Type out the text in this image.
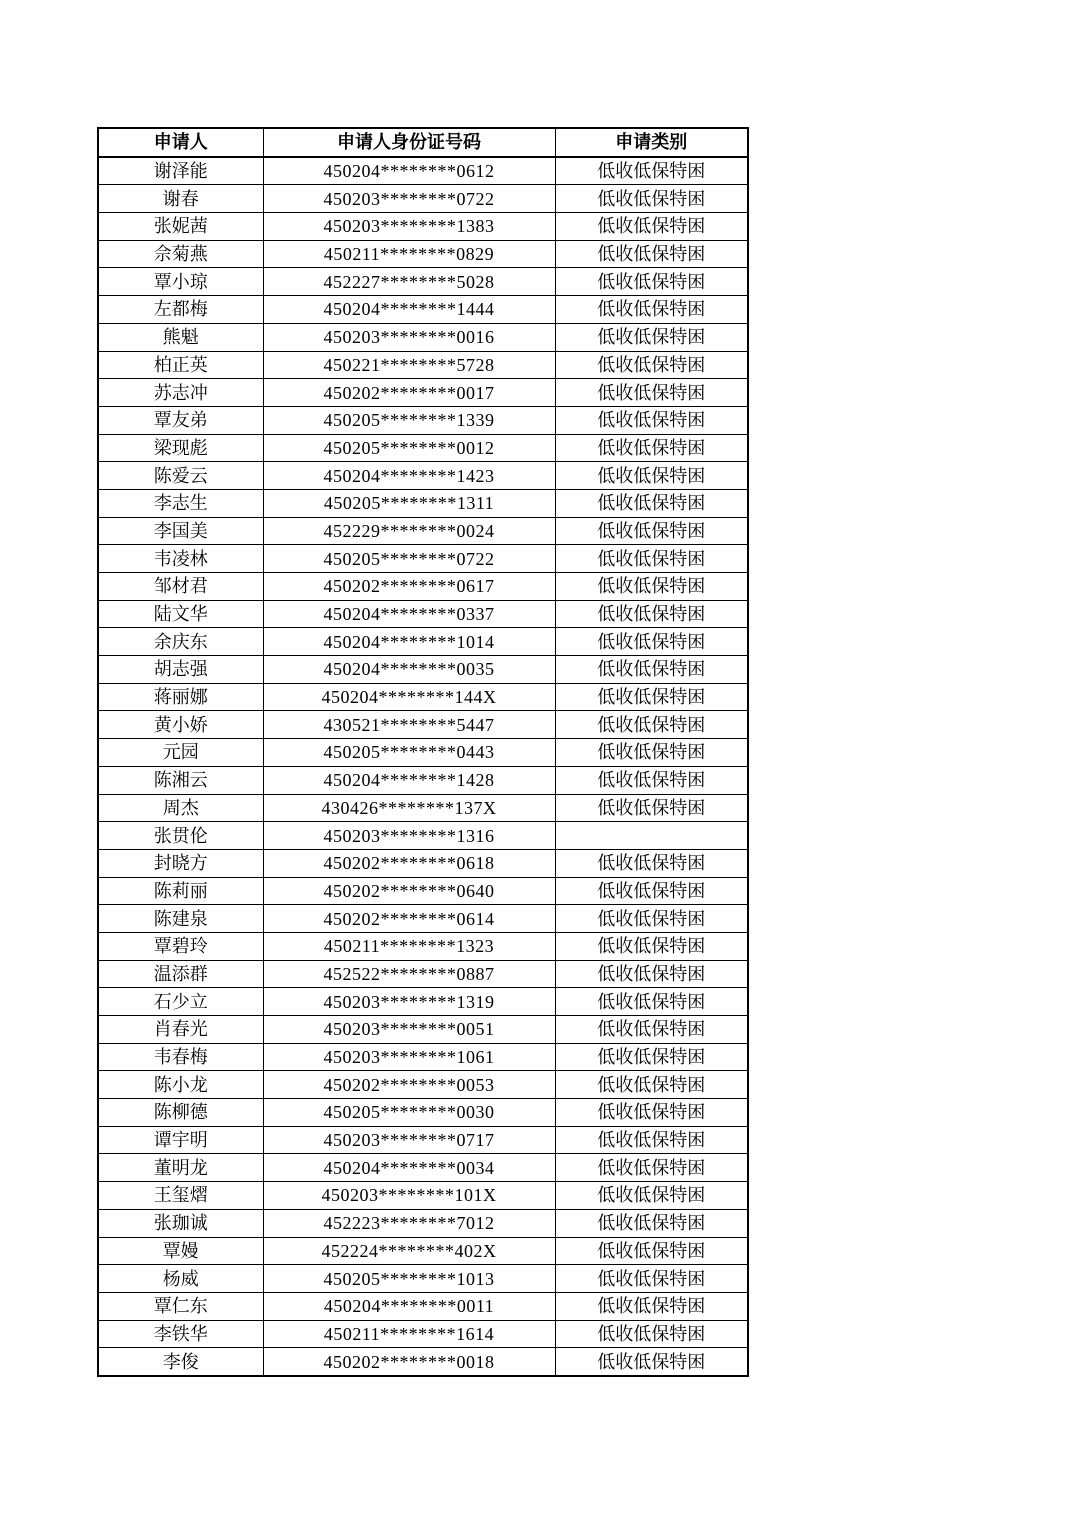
申请人	申请人身份证号码	申请类别
谢泽能	450204********0612	低收低保特困
谢春	450203********0722	低收低保特困
张妮茜	450203********1383	低收低保特困
佘菊燕	450211********0829	低收低保特困
覃小琼	452227********5028	低收低保特困
左都梅	450204********1444	低收低保特困
熊魁	450203********0016	低收低保特困
柏正英	450221********5728	低收低保特困
苏志冲	450202********0017	低收低保特困
覃友弟	450205********1339	低收低保特困
梁现彪	450205********0012	低收低保特困
陈爱云	450204********1423	低收低保特困
李志生	450205********1311	低收低保特困
李国美	452229********0024	低收低保特困
韦凌林	450205********0722	低收低保特困
邹材君	450202********0617	低收低保特困
陆文华	450204********0337	低收低保特困
余庆东	450204********1014	低收低保特困
胡志强	450204********0035	低收低保特困
蒋丽娜	450204********144X	低收低保特困
黄小娇	430521********5447	低收低保特困
元园	450205********0443	低收低保特困
陈湘云	450204********1428	低收低保特困
周杰	430426********137X	低收低保特困
张贯伦	450203********1316	
封晓方	450202********0618	低收低保特困
陈莉丽	450202********0640	低收低保特困
陈建泉	450202********0614	低收低保特困
覃碧玲	450211********1323	低收低保特困
温添群	452522********0887	低收低保特困
石少立	450203********1319	低收低保特困
肖春光	450203********0051	低收低保特困
韦春梅	450203********1061	低收低保特困
陈小龙	450202********0053	低收低保特困
陈柳德	450205********0030	低收低保特困
谭宇明	450203********0717	低收低保特困
董明龙	450204********0034	低收低保特困
王玺熠	450203********101X	低收低保特困
张珈诚	452223********7012	低收低保特困
覃嫚	452224********402X	低收低保特困
杨威	450205********1013	低收低保特困
覃仁东	450204********0011	低收低保特困
李铁华	450211********1614	低收低保特困
李俊	450202********0018	低收低保特困
